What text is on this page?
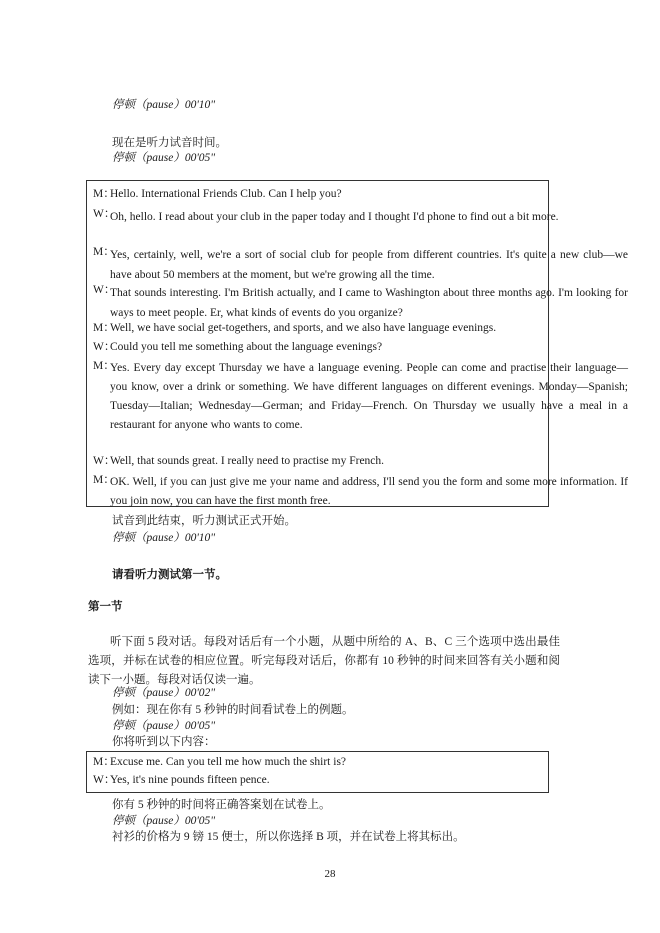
停顿（pause）00'10"
现在是听力试音时间。
停顿（pause）00'05"
M：
Hello. International Friends Club. Can I help you?
W：
Oh, hello. I read about your club in the paper today and I thought I'd phone to find out a bit more.
M：
Yes, certainly, well, we're a sort of social club for people from different countries. It's quite a new club—we have about 50 members at the moment, but we're growing all the time.
W：
That sounds interesting. I'm British actually, and I came to Washington about three months ago. I'm looking for ways to meet people. Er, what kinds of events do you organize?
M：
Well, we have social get-togethers, and sports, and we also have language evenings.
W：
Could you tell me something about the language evenings?
M：
Yes. Every day except Thursday we have a language evening. People can come and practise their language—you know, over a drink or something. We have different languages on different evenings. Monday—Spanish; Tuesday—Italian; Wednesday—German; and Friday—French. On Thursday we usually have a meal in a restaurant for anyone who wants to come.
W：
Well, that sounds great. I really need to practise my French.
M：
OK. Well, if you can just give me your name and address, I'll send you the form and some more information. If you join now, you can have the first month free.
试音到此结束，听力测试正式开始。
停顿（pause）00'10"
请看听力测试第一节。
第一节
听下面 5 段对话。每段对话后有一个小题，从题中所给的 A、B、C 三个选项中选出最佳选项，并标在试卷的相应位置。听完每段对话后，你都有 10 秒钟的时间来回答有关小题和阅读下一小题。每段对话仅读一遍。
停顿（pause）00'02"
例如：现在你有 5 秒钟的时间看试卷上的例题。
停顿（pause）00'05"
你将听到以下内容：
M：
Excuse me. Can you tell me how much the shirt is?
W：
Yes, it's nine pounds fifteen pence.
你有 5 秒钟的时间将正确答案划在试卷上。
停顿（pause）00'05"
衬衫的价格为 9 镑 15 便士，所以你选择 B 项，并在试卷上将其标出。
28
